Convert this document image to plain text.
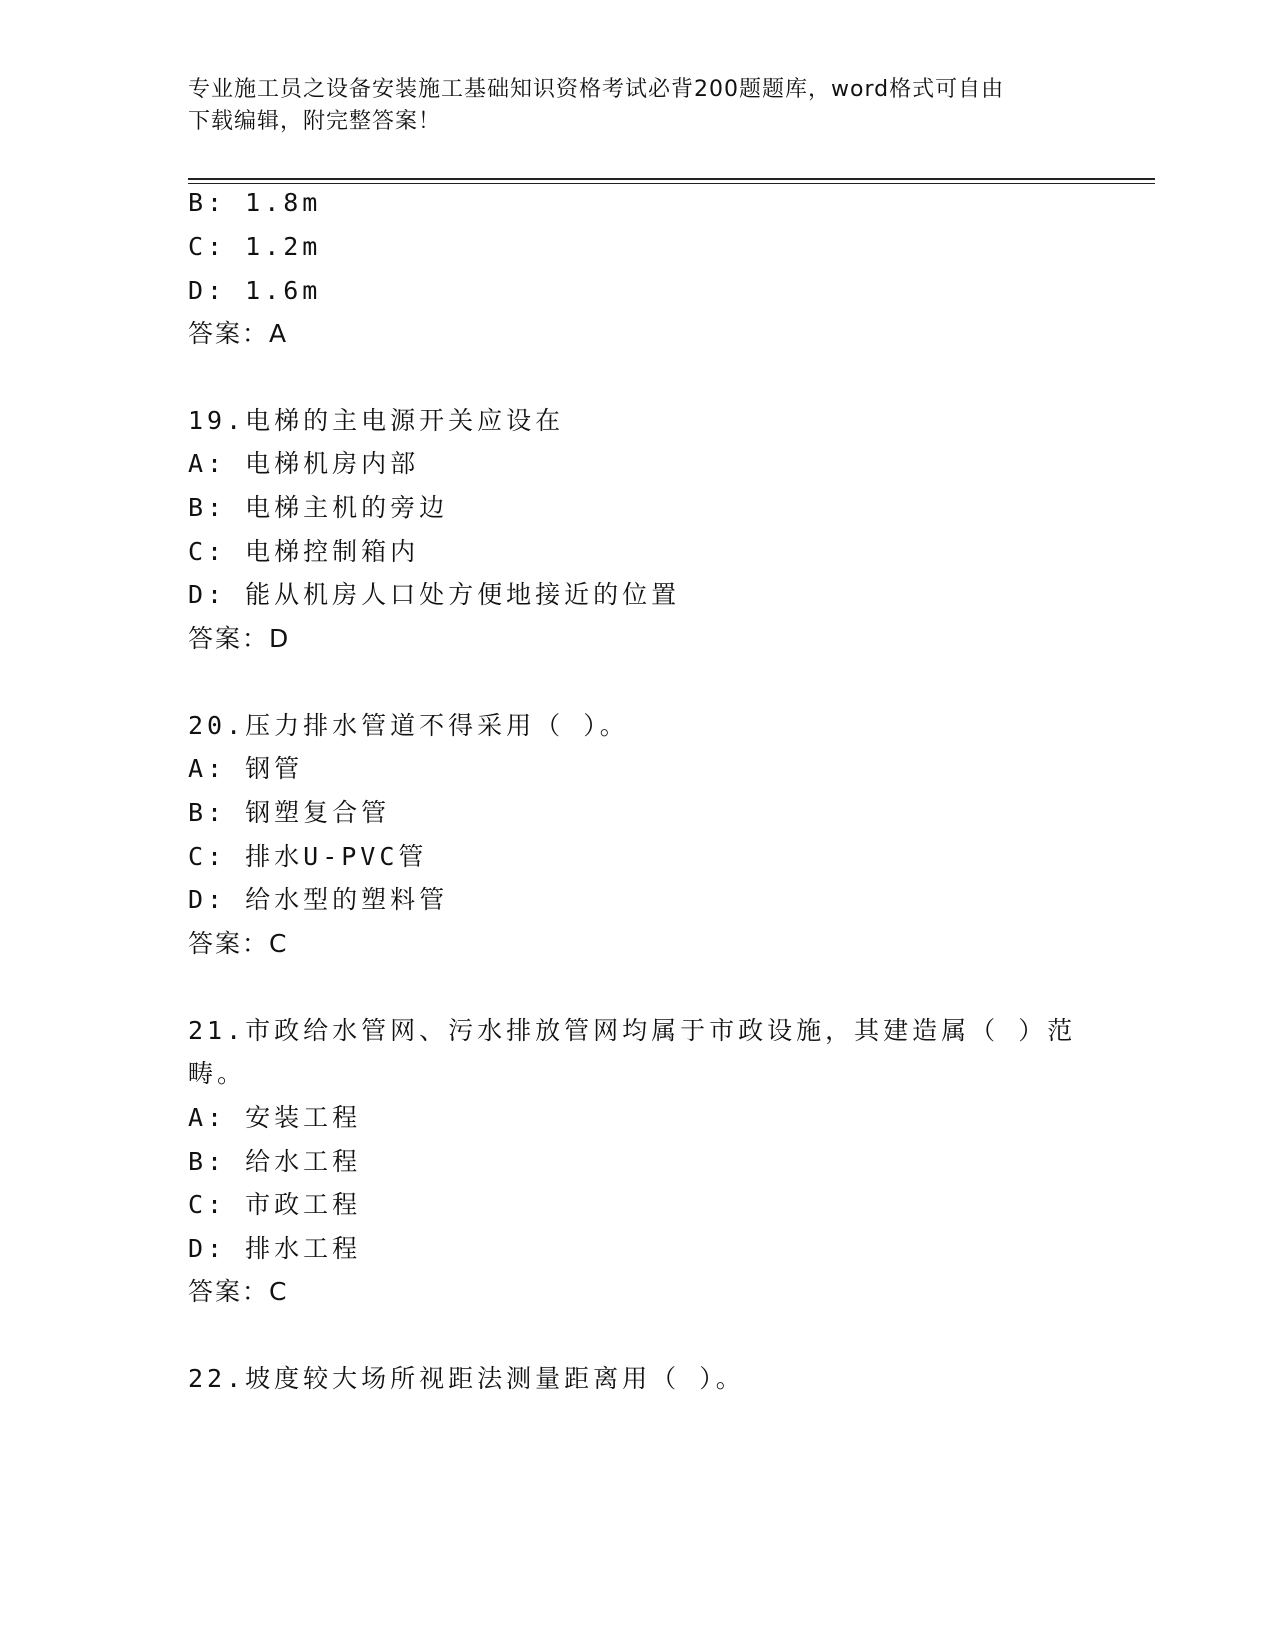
专业施工员之设备安装施工基础知识资格考试必背200题题库，word格式可自由
下载编辑，附完整答案！
B: 1.8m
C: 1.2m
D: 1.6m
答案：A
19.电梯的主电源开关应设在
A: 电梯机房内部
B: 电梯主机的旁边
C: 电梯控制箱内
D: 能从机房人口处方便地接近的位置
答案：D
20.压力排水管道不得采用（ ）。
A: 钢管
B: 钢塑复合管
C: 排水U-PVC管
D: 给水型的塑料管
答案：C
21.市政给水管网、污水排放管网均属于市政设施，其建造属（ ）范
畴。
A: 安装工程
B: 给水工程
C: 市政工程
D: 排水工程
答案：C
22.坡度较大场所视距法测量距离用（ ）。
